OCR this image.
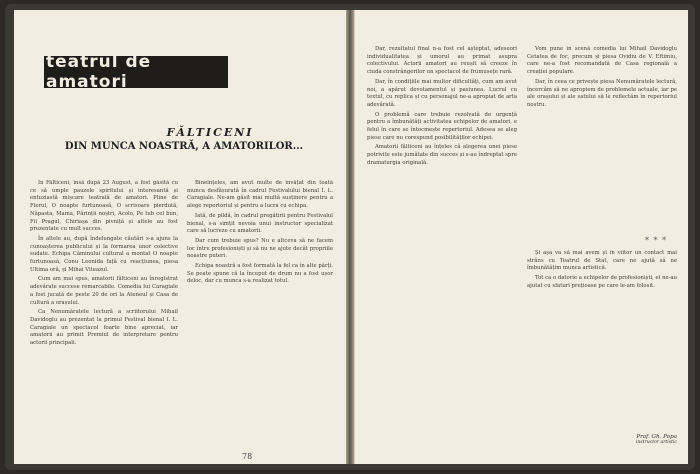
teatrul de amatori
FĂLTICENI
DIN MUNCA NOASTRĂ, A AMATORILOR...

În Fălticeni, însă după 23 August, a fost găsită cu ce să umple pauzele spiritului și interesantă și entuziastă mișcare teatrală de amatori. Pline de Fierul, O noapte furtunoasă, O scrisoare pierdută, Năpasta, Mama, Părinții noștri, Acolo, Pe tub cel bun, Fii Pragul, Chiriașa din pivniță și altele au fost prezentate cu mult succes.

În altele au, după îndelungate căutări s-a ajuns la cunoașterea publicului și la formarea unor colective sudate. Echipa Căminului cultural a montat O noapte furtunoasă, Conu Leonida față cu reacțiunea, piesa Ultima oră, și Mihai Viteazul.

Cum am mai spus, amatorii fălticeni au înregistrat adevărate succese remarcabile. Comedia lui Caragiale a fost jucată de peste 20 de ori la Ateneul și Casa de cultură a orașului.

Ca Nenumăratele lectură a scriitorului Mihail Davidoglu au prezentat la primul Festival bienal I. L. Caragiale un spectacol foarte bine apreciat, iar amatorii au primit Premiul de interpretare pentru actorii principali.

Bineînțeles, am avut multe de învățat din toată munca desfășurată în cadrul Festivalului bienal I. L. Caragiale. Ne-am găsit mai multă susținere pentru a alege repertoriul și pentru a lucra cu echipa.

Iată, de pildă, în cadrul pregătirii pentru Festivalul bienal, s-a simțit nevoia unui instructor specializat care să lucreze cu amatorii.

Dar cum trebuie spus? Nu e altceva să ne facem loc între profesioniști și să nu ne ajute decât propriile noastre puteri.

Echipa noastră a fost formată la fel ca în alte părți. Se poate spune că la început de drum nu a fost ușor deloc, dar cu munca s-a realizat totul.

78

Dar, rezultatul final n-a fost cel așteptat, adeseori individualitatea și umorul au primat asupra colectivului. Actorii amatori au reușit să creeze în ciuda constrângerilor un spectacol de frumusețe rară.

Dar, în condițiile mai multor dificultăți, cum am avut noi, a apărut devotamentul și pasiunea. Lucrul cu textul, cu replica și cu personajul ne-a apropiat de arta adevărată.

O problemă care trebuie rezolvată de urgență pentru a îmbunătăți activitatea echipelor de amatori, e felul în care se întocmește repertoriul. Adesea se aleg piese care nu corespund posibilităților echipei.

Amatorii fălticeni au înțeles că alegerea unei piese potrivite este jumătate din succes și s-au îndreptat spre dramaturgia originală.

Vom pune în scenă comedia lui Mihail Davidoglu Cetatea de foc, precum și piesa Ovidiu de V. Eftimiu, care ne-a fost recomandată de Casa regională a creației populare.

Dar, în ceea ce privește piesa Nenumăratele lectură, încercăm să ne apropiem de problemele actuale, iar pe ale orașului și ale satului să le reflectăm în repertoriul nostru.

* * *

Și așa va să mai avem și în viitor un contact mai strâns cu Teatrul de Stat, care ne ajută să ne îmbunătățim munca artistică.

Tot ca o datorie a echipelor de profesioniști, ei ne-au ajutat cu sfaturi prețioase pe care le-am folosit.

Prof. Gh. Popa
instructor artistic
